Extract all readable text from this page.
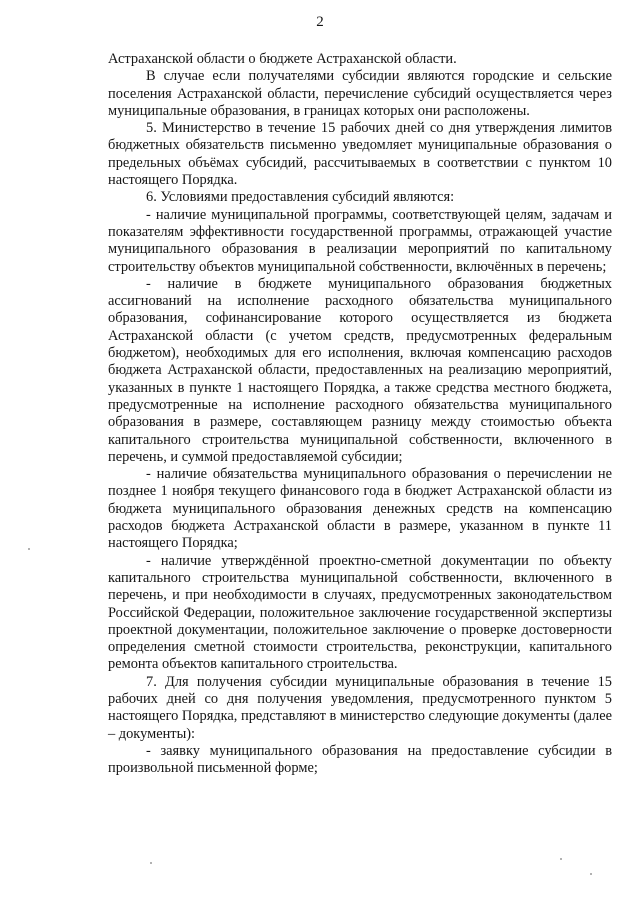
2

Астраханской области о бюджете Астраханской области.

В случае если получателями субсидии являются городские и сельские поселения Астраханской области, перечисление субсидий осуществляется через муниципальные образования, в границах которых они расположены.

5. Министерство в течение 15 рабочих дней со дня утверждения лимитов бюджетных обязательств письменно уведомляет муниципальные образования о предельных объёмах субсидий, рассчитываемых в соответствии с пунктом 10 настоящего Порядка.

6. Условиями предоставления субсидий являются:

- наличие муниципальной программы, соответствующей целям, задачам и показателям эффективности государственной программы, отражающей участие муниципального образования в реализации мероприятий по капитальному строительству объектов муниципальной собственности, включённых в перечень;

- наличие в бюджете муниципального образования бюджетных ассигнований на исполнение расходного обязательства муниципального образования, софинансирование которого осуществляется из бюджета Астраханской области (с учетом средств, предусмотренных федеральным бюджетом), необходимых для его исполнения, включая компенсацию расходов бюджета Астраханской области, предоставленных на реализацию мероприятий, указанных в пункте 1 настоящего Порядка, а также средства местного бюджета, предусмотренные на исполнение расходного обязательства муниципального образования в размере, составляющем разницу между стоимостью объекта капитального строительства муниципальной собственности, включенного в перечень, и суммой предоставляемой субсидии;

- наличие обязательства муниципального образования о перечислении не позднее 1 ноября текущего финансового года в бюджет Астраханской области из бюджета муниципального образования денежных средств на компенсацию расходов бюджета Астраханской области в размере, указанном в пункте 11 настоящего Порядка;

- наличие утверждённой проектно-сметной документации по объекту капитального строительства муниципальной собственности, включенного в перечень, и при необходимости в случаях, предусмотренных законодательством Российской Федерации, положительное заключение государственной экспертизы проектной документации, положительное заключение о проверке достоверности определения сметной стоимости строительства, реконструкции, капитального ремонта объектов капитального строительства.

7. Для получения субсидии муниципальные образования в течение 15 рабочих дней со дня получения уведомления, предусмотренного пунктом 5 настоящего Порядка, представляют в министерство следующие документы (далее – документы):

- заявку муниципального образования на предоставление субсидии в произвольной письменной форме;
